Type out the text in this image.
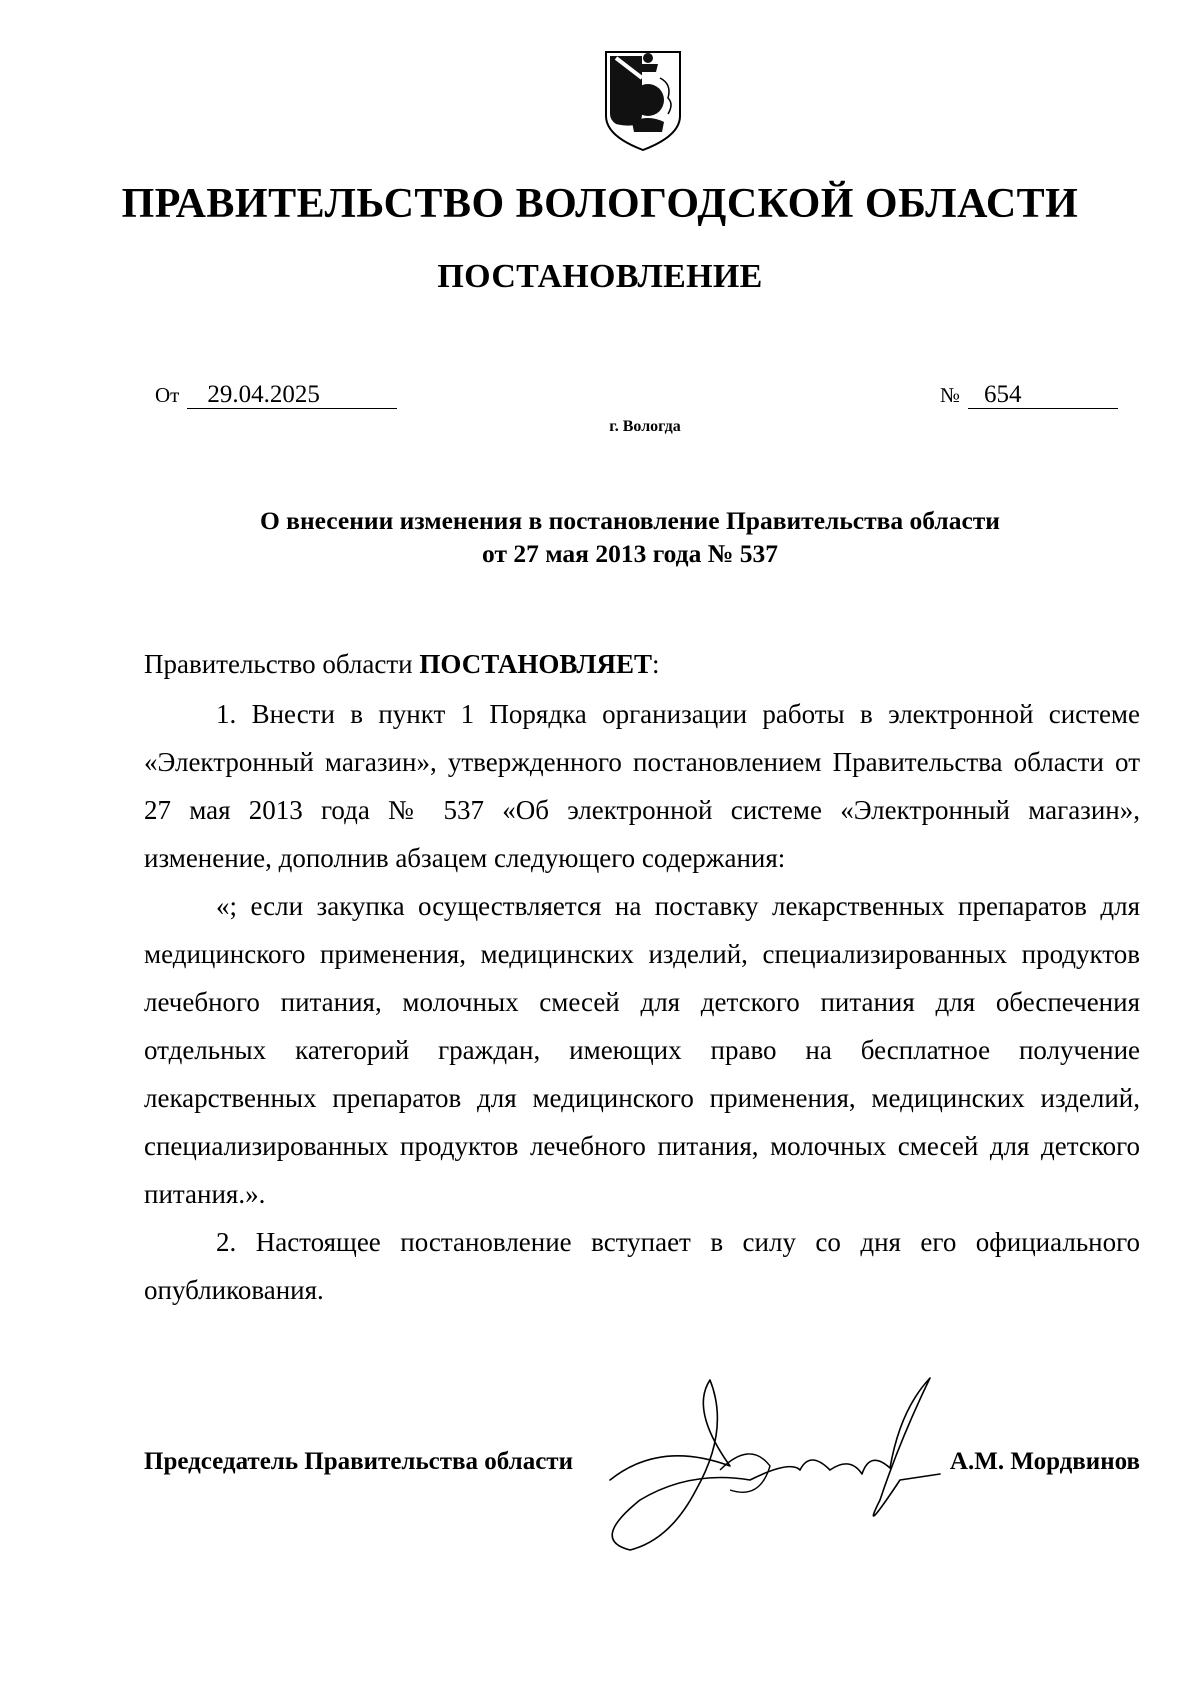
ПРАВИТЕЛЬСТВО ВОЛОГОДСКОЙ ОБЛАСТИ
ПОСТАНОВЛЕНИЕ
От 29.04.2025	№ 654
г. Вологда
О внесении изменения в постановление Правительства области
от 27 мая 2013 года № 537

Правительство области ПОСТАНОВЛЯЕТ:

1. Внести в пункт 1 Порядка организации работы в электронной системе «Электронный магазин», утвержденного постановлением Правительства области от 27 мая 2013 года № 537 «Об электронной системе «Электронный магазин», изменение, дополнив абзацем следующего содержания:

«; если закупка осуществляется на поставку лекарственных препаратов для медицинского применения, медицинских изделий, специализированных продуктов лечебного питания, молочных смесей для детского питания для обеспечения отдельных категорий граждан, имеющих право на бесплатное получение лекарственных препаратов для медицинского применения, медицинских изделий, специализированных продуктов лечебного питания, молочных смесей для детского питания.».

2. Настоящее постановление вступает в силу со дня его официального опубликования.

Председатель Правительства области	А.М. Мордвинов
